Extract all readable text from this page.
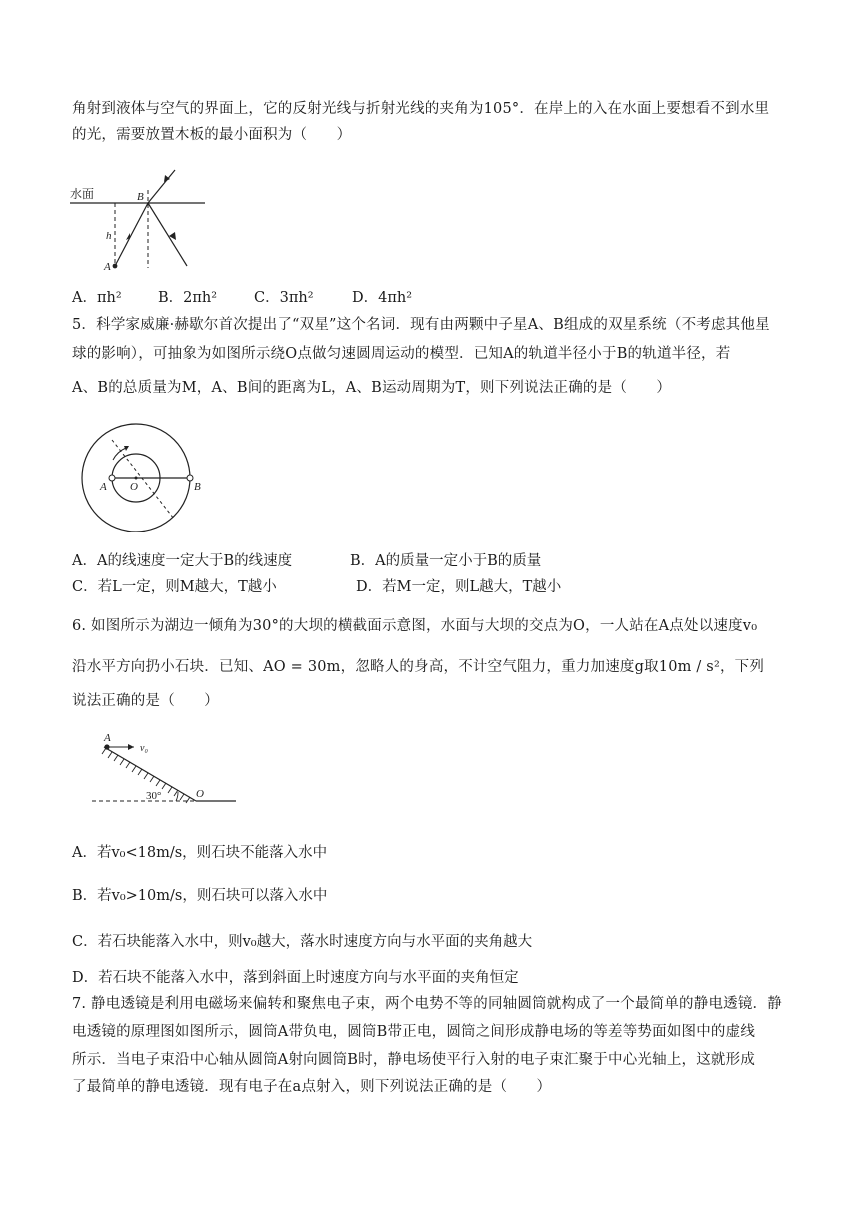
角射到液体与空气的界面上，它的反射光线与折射光线的夹角为105°．在岸上的入在水面上要想看不到水里
的光，需要放置木板的最小面积为（　　）
水面	B
h
A
A．πh²	B．2πh²	C．3πh²	D．4πh²
5．科学家威廉·赫歇尔首次提出了“双星”这个名词．现有由两颗中子星A、B组成的双星系统（不考虑其他星
球的影响），可抽象为如图所示绕O点做匀速圆周运动的模型．已知A的轨道半径小于B的轨道半径，若
A、B的总质量为M，A、B间的距离为L，A、B运动周期为T，则下列说法正确的是（　　）
A O	B
A．A的线速度一定大于B的线速度	B．A的质量一定小于B的质量
C．若L一定，则M越大，T越小	D．若M一定，则L越大，T越小
6. 如图所示为湖边一倾角为30°的大坝的横截面示意图，水面与大坝的交点为O，一人站在A点处以速度v₀
沿水平方向扔小石块．已知、AO = 30m，忽略人的身高，不计空气阻力，重力加速度g取10m / s²，下列
说法正确的是（　　）
A
v₀
30°	O
A．若v₀<18m/s，则石块不能落入水中
B．若v₀>10m/s，则石块可以落入水中
C．若石块能落入水中，则v₀越大，落水时速度方向与水平面的夹角越大
D．若石块不能落入水中，落到斜面上时速度方向与水平面的夹角恒定
7. 静电透镜是利用电磁场来偏转和聚焦电子束，两个电势不等的同轴圆筒就构成了一个最简单的静电透镜．静
电透镜的原理图如图所示，圆筒A带负电，圆筒B带正电，圆筒之间形成静电场的等差等势面如图中的虚线
所示．当电子束沿中心轴从圆筒A射向圆筒B时，静电场使平行入射的电子束汇聚于中心光轴上，这就形成
了最简单的静电透镜．现有电子在a点射入，则下列说法正确的是（　　）
